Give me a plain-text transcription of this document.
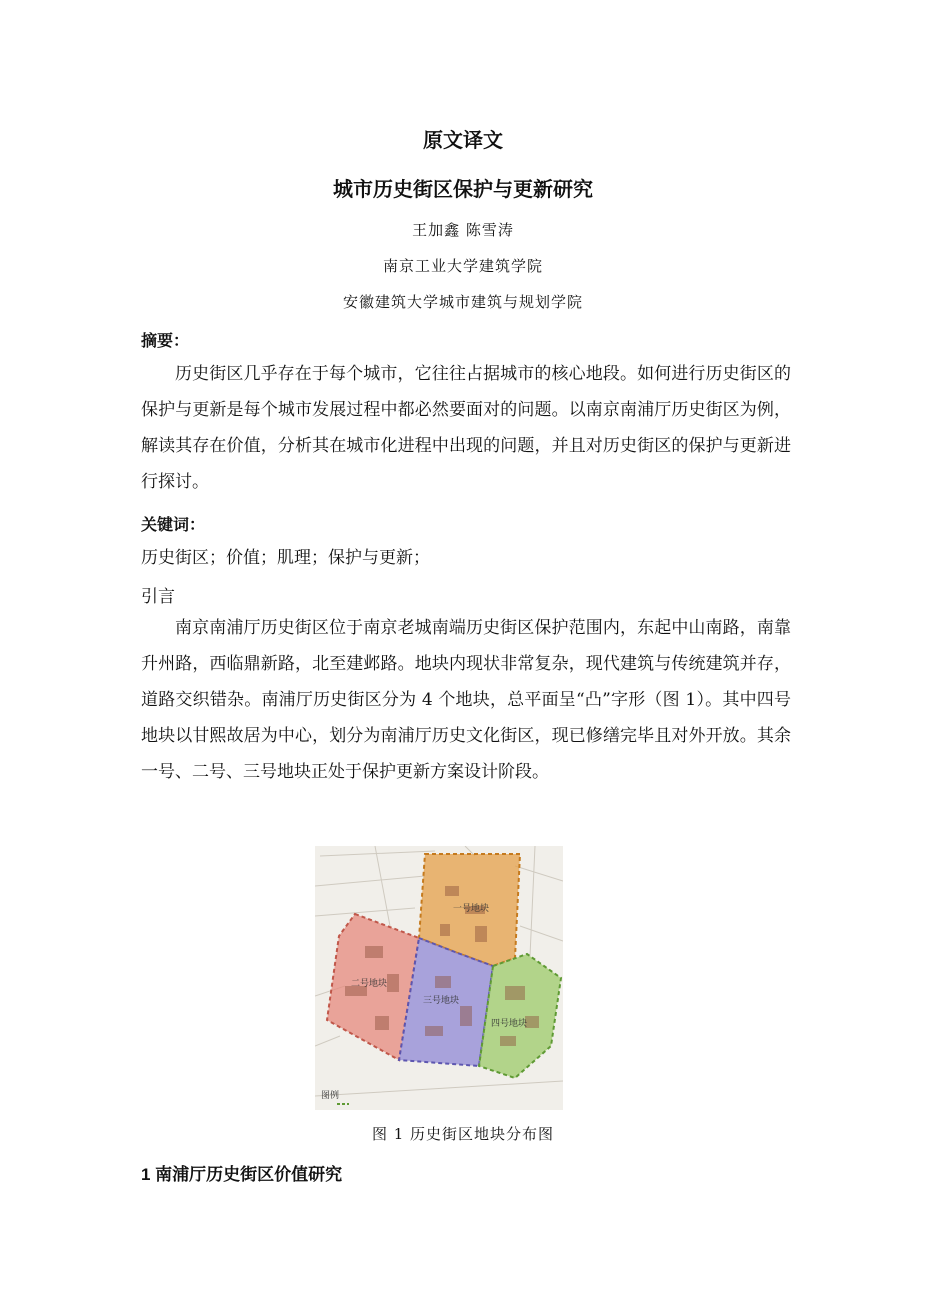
原文译文
城市历史街区保护与更新研究
王加鑫 陈雪涛
南京工业大学建筑学院
安徽建筑大学城市建筑与规划学院
摘要：

历史街区几乎存在于每个城市，它往往占据城市的核心地段。如何进行历史街区的保护与更新是每个城市发展过程中都必然要面对的问题。以南京南浦厅历史街区为例，解读其存在价值，分析其在城市化进程中出现的问题，并且对历史街区的保护与更新进行探讨。

关键词：
历史街区；价值；肌理；保护与更新；
引言

南京南浦厅历史街区位于南京老城南端历史街区保护范围内，东起中山南路，南靠升州路，西临鼎新路，北至建邺路。地块内现状非常复杂，现代建筑与传统建筑并存，道路交织错杂。南浦厅历史街区分为 4 个地块，总平面呈“凸”字形（图 1）。其中四号地块以甘熙故居为中心，划分为南浦厅历史文化街区，现已修缮完毕且对外开放。其余一号、二号、三号地块正处于保护更新方案设计阶段。

一号地块
二号地块
三号地块
四号地块
图例
图 1 历史街区地块分布图
1 南浦厅历史街区价值研究
